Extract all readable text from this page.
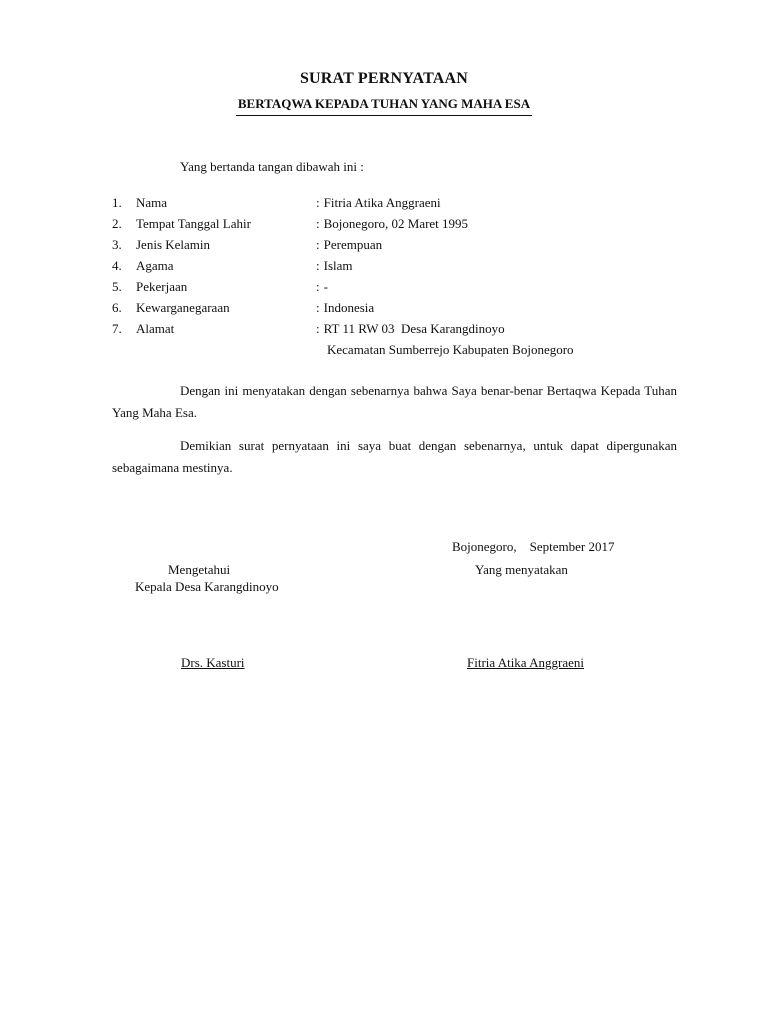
SURAT PERNYATAAN
BERTAQWA KEPADA TUHAN YANG MAHA ESA
Yang bertanda tangan dibawah ini :
1. Nama	: Fitria Atika Anggraeni
2. Tempat Tanggal Lahir	: Bojonegoro, 02 Maret 1995
3. Jenis Kelamin	: Perempuan
4. Agama	: Islam
5. Pekerjaan	: -
6. Kewarganegaraan	: Indonesia
7. Alamat	: RT 11 RW 03  Desa Karangdinoyo
Kecamatan Sumberrejo Kabupaten Bojonegoro
Dengan ini menyatakan dengan sebenarnya bahwa Saya benar-benar Bertaqwa Kepada Tuhan Yang Maha Esa.
Demikian surat pernyataan ini saya buat dengan sebenarnya, untuk dapat dipergunakan sebagaimana mestinya.
Bojonegoro,    September 2017
Mengetahui
Kepala Desa Karangdinoyo
Yang menyatakan
Drs. Kasturi	Fitria Atika Anggraeni
